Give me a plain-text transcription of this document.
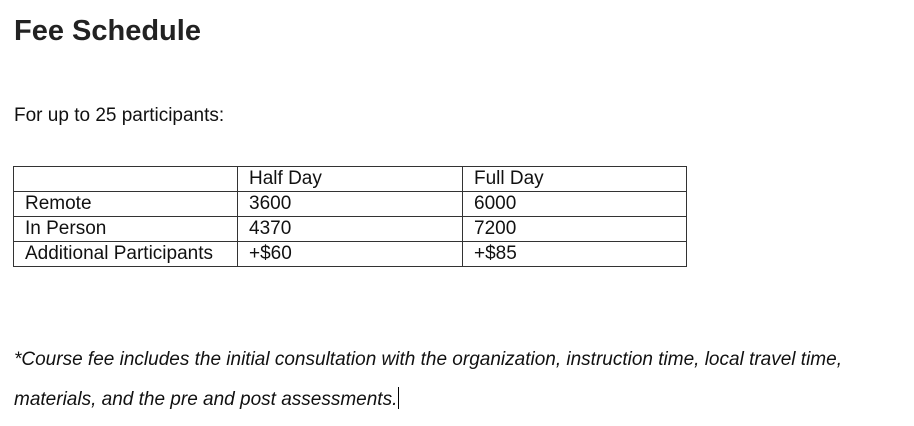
Fee Schedule
For up to 25 participants:
	Half Day	Full Day
Remote	3600	6000
In Person	4370	7200
Additional Participants	+$60	+$85

*Course fee includes the initial consultation with the organization, instruction time, local travel time, materials, and the pre and post assessments.
